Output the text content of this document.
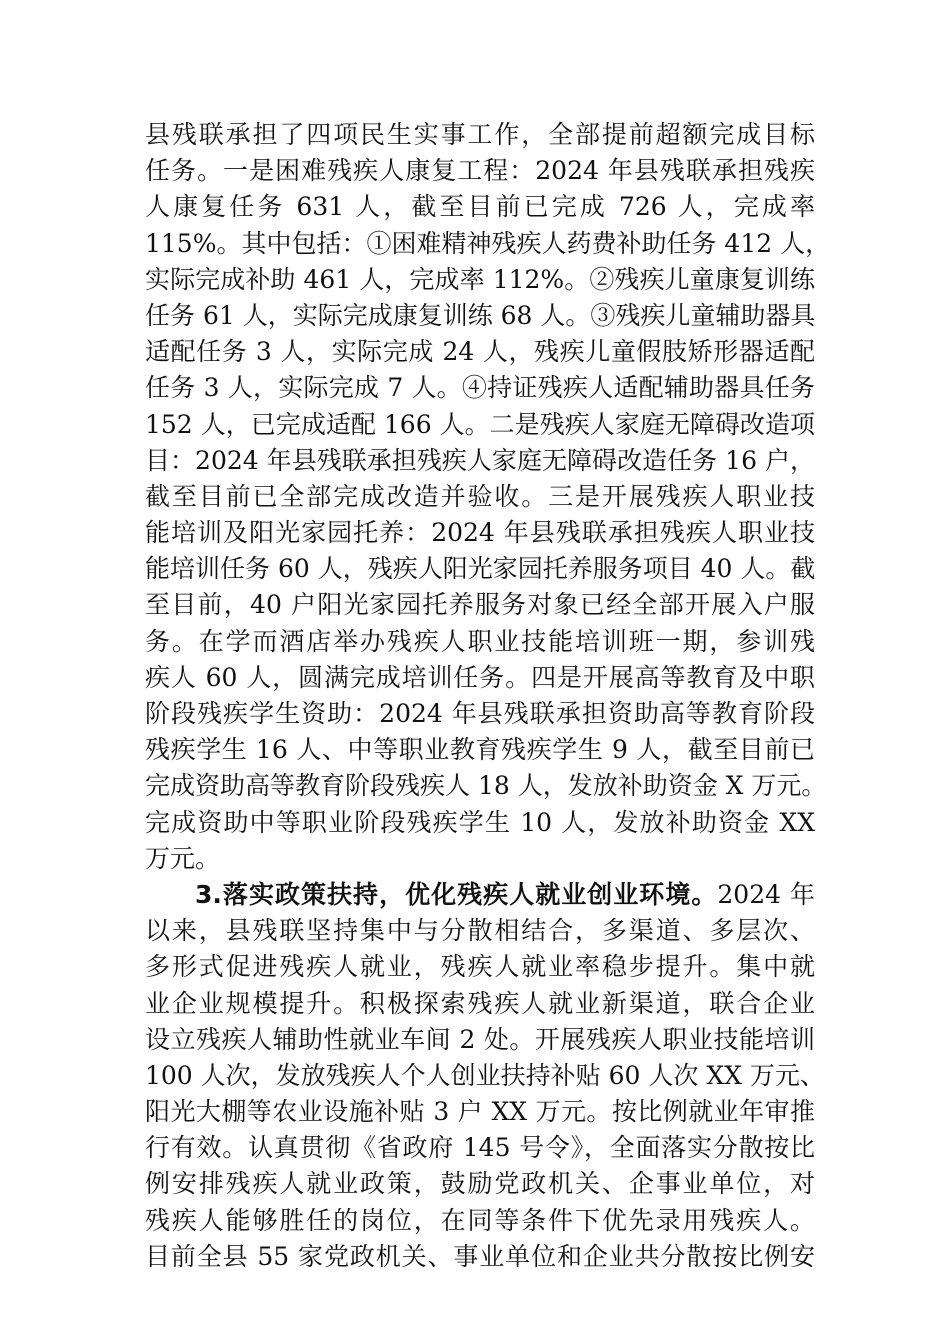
县残联承担了四项民生实事工作，全部提前超额完成目标
任务。一是困难残疾人康复工程：2024 年县残联承担残疾
人康复任务 631 人，截至目前已完成 726 人，完成率
115%。其中包括：①困难精神残疾人药费补助任务 412 人，
实际完成补助 461 人，完成率 112%。②残疾儿童康复训练
任务 61 人，实际完成康复训练 68 人。③残疾儿童辅助器具
适配任务 3 人，实际完成 24 人，残疾儿童假肢矫形器适配
任务 3 人，实际完成 7 人。④持证残疾人适配辅助器具任务
152 人，已完成适配 166 人。二是残疾人家庭无障碍改造项
目：2024 年县残联承担残疾人家庭无障碍改造任务 16 户，
截至目前已全部完成改造并验收。三是开展残疾人职业技
能培训及阳光家园托养：2024 年县残联承担残疾人职业技
能培训任务 60 人，残疾人阳光家园托养服务项目 40 人。截
至目前，40 户阳光家园托养服务对象已经全部开展入户服
务。在学而酒店举办残疾人职业技能培训班一期，参训残
疾人 60 人，圆满完成培训任务。四是开展高等教育及中职
阶段残疾学生资助：2024 年县残联承担资助高等教育阶段
残疾学生 16 人、中等职业教育残疾学生 9 人，截至目前已
完成资助高等教育阶段残疾人 18 人，发放补助资金 X 万元。
完成资助中等职业阶段残疾学生 10 人，发放补助资金 XX
万元。
3.落实政策扶持，优化残疾人就业创业环境。2024 年
以来，县残联坚持集中与分散相结合，多渠道、多层次、
多形式促进残疾人就业，残疾人就业率稳步提升。集中就
业企业规模提升。积极探索残疾人就业新渠道，联合企业
设立残疾人辅助性就业车间 2 处。开展残疾人职业技能培训
100 人次，发放残疾人个人创业扶持补贴 60 人次 XX 万元、
阳光大棚等农业设施补贴 3 户 XX 万元。按比例就业年审推
行有效。认真贯彻《省政府 145 号令》，全面落实分散按比
例安排残疾人就业政策，鼓励党政机关、企事业单位，对
残疾人能够胜任的岗位，在同等条件下优先录用残疾人。
目前全县 55 家党政机关、事业单位和企业共分散按比例安
